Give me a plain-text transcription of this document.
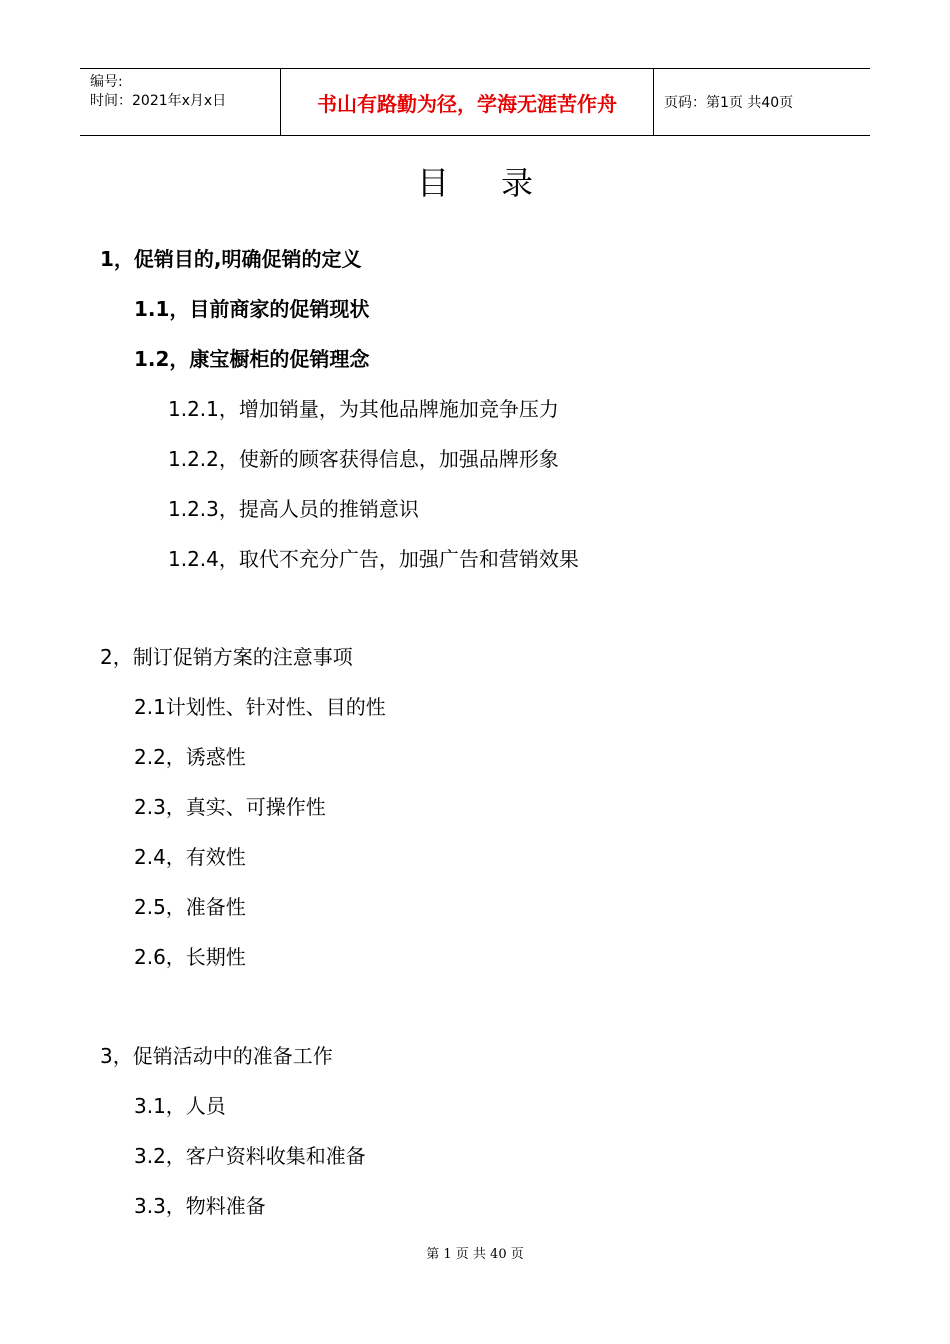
编号:
时间：2021年x月x日	书山有路勤为径，学海无涯苦作舟	页码：第1页 共40页
目录
1，促销目的,明确促销的定义
1.1，目前商家的促销现状
1.2，康宝橱柜的促销理念
1.2.1，增加销量，为其他品牌施加竞争压力
1.2.2，使新的顾客获得信息，加强品牌形象
1.2.3，提高人员的推销意识
1.2.4，取代不充分广告，加强广告和营销效果
2，制订促销方案的注意事项
2.1计划性、针对性、目的性
2.2，诱惑性
2.3，真实、可操作性
2.4，有效性
2.5，准备性
2.6，长期性
3，促销活动中的准备工作
3.1，人员
3.2，客户资料收集和准备
3.3，物料准备
第 1 页 共 40 页
